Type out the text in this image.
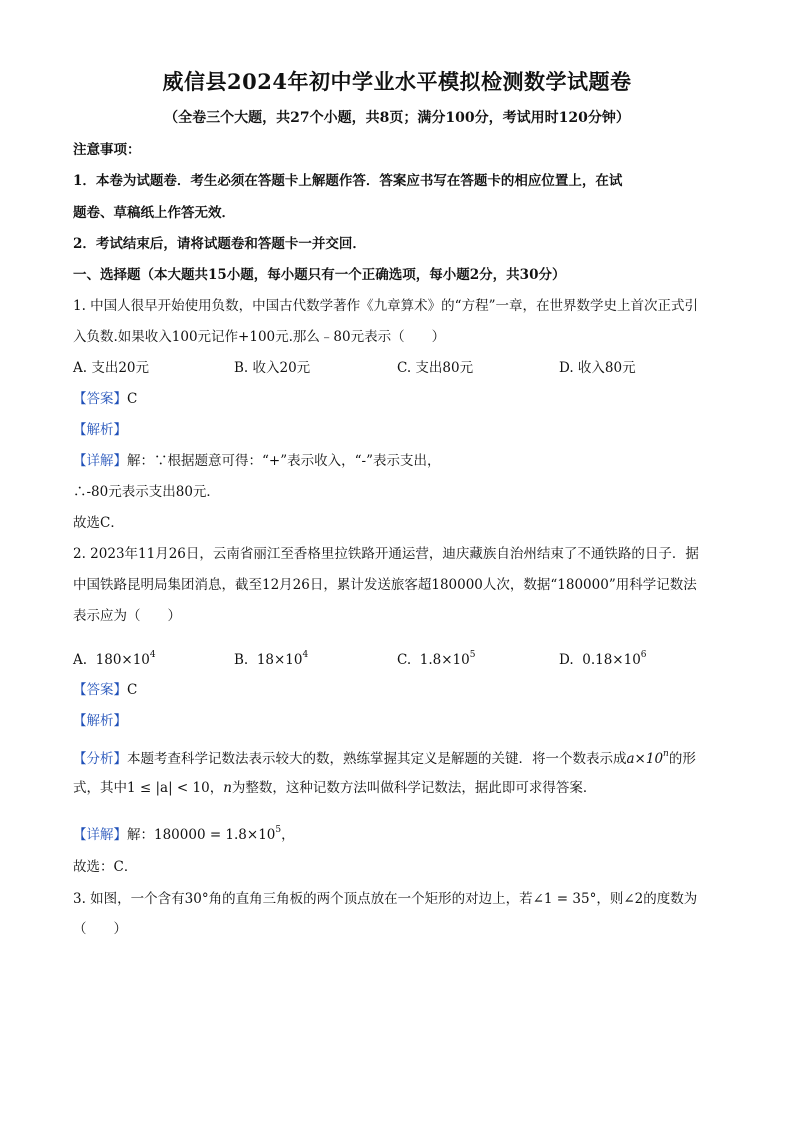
威信县2024年初中学业水平模拟检测数学试题卷
（全卷三个大题，共27个小题，共8页；满分100分，考试用时120分钟）
注意事项：
1．本卷为试题卷．考生必须在答题卡上解题作答．答案应书写在答题卡的相应位置上，在试
题卷、草稿纸上作答无效．
2．考试结束后，请将试题卷和答题卡一并交回．
一、选择题（本大题共15小题，每小题只有一个正确选项，每小题2分，共30分）
1. 中国人很早开始使用负数，中国古代数学著作《九章算术》的“方程”一章，在世界数学史上首次正式引
入负数.如果收入100元记作+100元.那么﹣80元表示（　　）
A. 支出20元	B. 收入20元	C. 支出80元	D. 收入80元
【答案】C
【解析】
【详解】解：∵根据题意可得：“+”表示收入，“-”表示支出，
∴-80元表示支出80元．
故选C．
2. 2023年11月26日，云南省丽江至香格里拉铁路开通运营，迪庆藏族自治州结束了不通铁路的日子．据
中国铁路昆明局集团消息，截至12月26日，累计发送旅客超180000人次，数据“180000”用科学记数法
表示应为（　　）
A. $180\times 10^4$	B. $18\times 10^4$	C. $1.8\times 10^5$	D. $0.18\times 10^6$
【答案】C
【解析】
【分析】本题考查科学记数法表示较大的数，熟练掌握其定义是解题的关键．将一个数表示成$a\times 10^n$的形
式，其中1 ≤ |a| < 10，n为整数，这种记数方法叫做科学记数法，据此即可求得答案．
【详解】解：$180000 = 1.8\times 10^5$，
故选：C．
3. 如图，一个含有30°角的直角三角板的两个顶点放在一个矩形的对边上，若∠1 = 35°，则∠2的度数为
（　　）
